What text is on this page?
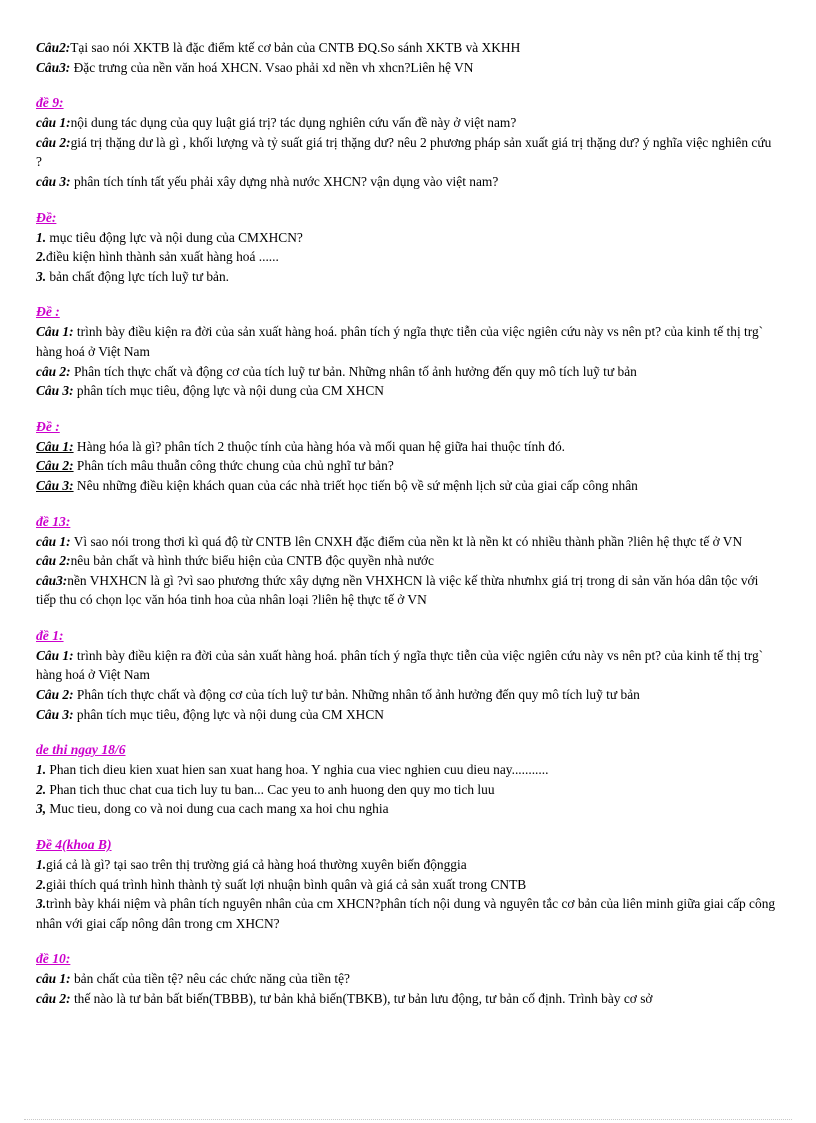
Câu2:Tại sao nói XKTB là đặc điểm ktế cơ bản của CNTB ĐQ.So sánh XKTB và XKHH

Câu3: Đặc trưng của nền văn hoá XHCN. Vsao phải xd nền vh xhcn?Liên hệ VN

đề 9:

câu 1:nội dung tác dụng của quy luật giá trị? tác dụng nghiên cứu vấn đề này ở việt nam?

câu 2:giá trị thặng dư là gì , khối lượng và tỷ suất giá trị thặng dư? nêu 2 phương pháp sản xuất giá trị thặng dư? ý nghĩa việc nghiên cứu ?

câu 3: phân tích tính tất yếu phải xây dựng nhà nước XHCN? vận dụng vào việt nam?

Đề:

1. mục tiêu động lực và nội dung của CMXHCN?

2.điều kiện hình thành sản xuất hàng hoá ......

3. bản chất động lực tích luỹ tư bản.

Đề :

Câu 1: trình bày điều kiện ra đời của sản xuất hàng hoá. phân tích ý ngĩa thực tiễn của việc ngiên cứu này vs nên pt? của kinh tế thị trg` hàng hoá ở Việt Nam

câu 2: Phân tích thực chất và động cơ của tích luỹ tư bản. Những nhân tố ảnh hưởng đến quy mô tích luỹ tư bản

Câu 3: phân tích mục tiêu, động lực và nội dung của CM XHCN

Đề :

Câu 1: Hàng hóa là gì? phân tích 2 thuộc tính của hàng hóa và mối quan hệ giữa hai thuộc tính đó.

Câu 2: Phân tích mâu thuẫn công thức chung của chủ nghĩ tư bản?

Câu 3: Nêu những điều kiện khách quan của các nhà triết học tiến bộ về sứ mệnh lịch sử của giai cấp công nhân

đề 13:

câu 1: Vì sao nói trong thơi kì quá độ từ CNTB lên CNXH đặc điểm của nền kt là nền kt có nhiều thành phần ?liên hệ thực tế ở VN

câu 2:nêu bản chất và hình thức biểu hiện của CNTB độc quyền nhà nước

câu3:nền VHXHCN là gì ?vì sao phương thức xây dựng nền VHXHCN là việc kế thừa nhưnhx giá trị trong di sản văn hóa dân tộc với tiếp thu có chọn lọc văn hóa tinh hoa của nhân loại ?liên hệ thực tế ở VN

đề 1:

Câu 1: trình bày điều kiện ra đời của sản xuất hàng hoá. phân tích ý ngĩa thực tiễn của việc ngiên cứu này vs nên pt? của kinh tế thị trg` hàng hoá ở Việt Nam

Câu 2: Phân tích thực chất và động cơ của tích luỹ tư bản. Những nhân tố ảnh hưởng đến quy mô tích luỹ tư bản

Câu 3: phân tích mục tiêu, động lực và nội dung của CM XHCN

de thi ngay 18/6

1. Phan tich dieu kien xuat hien san xuat hang hoa. Y nghia cua viec nghien cuu dieu nay...........

2. Phan tich thuc chat cua tich luy tu ban... Cac yeu to anh huong den quy mo tich luu

3, Muc tieu, dong co và noi dung cua cach mang xa hoi chu nghia

Đề 4(khoa B)

1.giá cả là gì? tại sao trên thị trường giá cả hàng hoá thường xuyên biến độnggia

2.giải thích quá trình hình thành tỷ suất lợi nhuận bình quân và giá cả sản xuất trong CNTB

3.trình bày khái niệm và phân tích nguyên nhân của cm XHCN?phân tích nội dung và nguyên tắc cơ bản của liên minh giữa giai cấp công nhân với giai cấp nông dân trong cm XHCN?

đề 10:

câu 1: bản chất của tiền tệ? nêu các chức năng của tiền tệ?

câu 2: thế nào là tư bản bất biến(TBBB), tư bản khả biến(TBKB), tư bản lưu động, tư bản cố định. Trình bày cơ sở
